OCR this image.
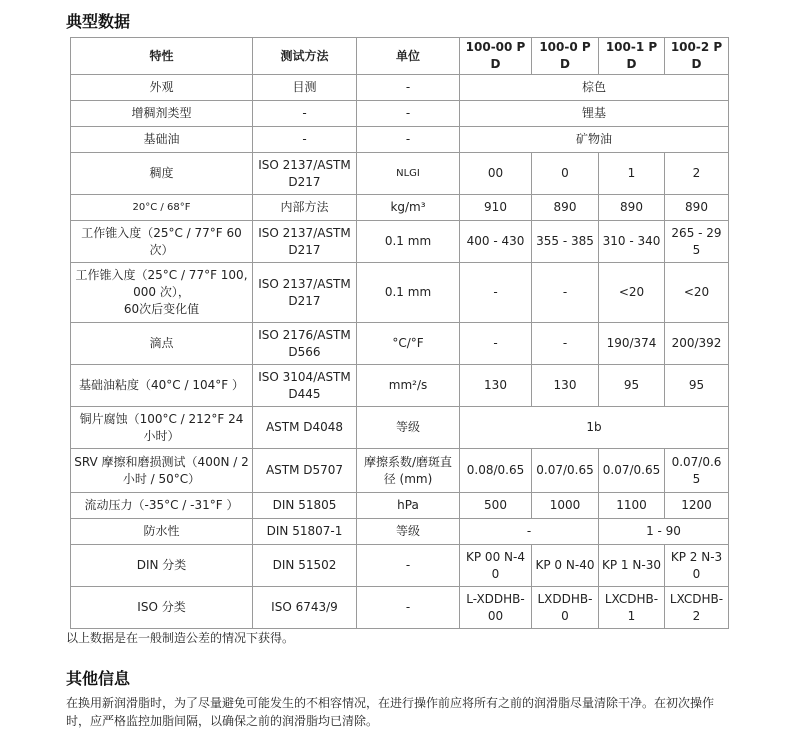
典型数据
特性	测试方法	单位	100-00 PD	100-0 PD	100-1 PD	100-2 PD
外观	目测	-	棕色			
增稠剂类型	-	-	锂基			
基础油	-	-	矿物油			
稠度	ISO 2137/ASTM D217	NLGI	00	0	1	2
20°C / 68°F	内部方法	kg/m³	910	890	890	890
工作锥入度（25°C / 77°F 60次）	ISO 2137/ASTM D217	0.1 mm	400 - 430	355 - 385	310 - 340	265 - 295
工作锥入度（25°C / 77°F 100,000 次），
60次后变化值	ISO 2137/ASTM D217	0.1 mm	-	-	<20	<20
滴点	ISO 2176/ASTM D566	°C/°F	-	-	190/374	200/392
基础油粘度（40°C / 104°F ）	ISO 3104/ASTM D445	mm²/s	130	130	95	95
铜片腐蚀（100°C / 212°F 24 小时）	ASTM D4048	等级	1b			
SRV 摩擦和磨损测试（400N / 2 小时 / 50°C）	ASTM D5707	摩擦系数/磨斑直径 (mm)	0.08/0.65	0.07/0.65	0.07/0.65	0.07/0.65
流动压力（-35°C / -31°F ）	DIN 51805	hPa	500	1000	1100	1200
防水性	DIN 51807-1	等级	-		1 - 90	
DIN 分类	DIN 51502	-	KP 00 N-40	KP 0 N-40	KP 1 N-30	KP 2 N-30
ISO 分类	ISO 6743/9	-	L-XDDHB-00	LXDDHB-0	LXCDHB-1	LXCDHB-2

以上数据是在一般制造公差的情况下获得。

其他信息

在换用新润滑脂时，为了尽量避免可能发生的不相容情况，在进行操作前应将所有之前的润滑脂尽量清除干净。在初次操作时，应严格监控加脂间隔，以确保之前的润滑脂均已清除。
